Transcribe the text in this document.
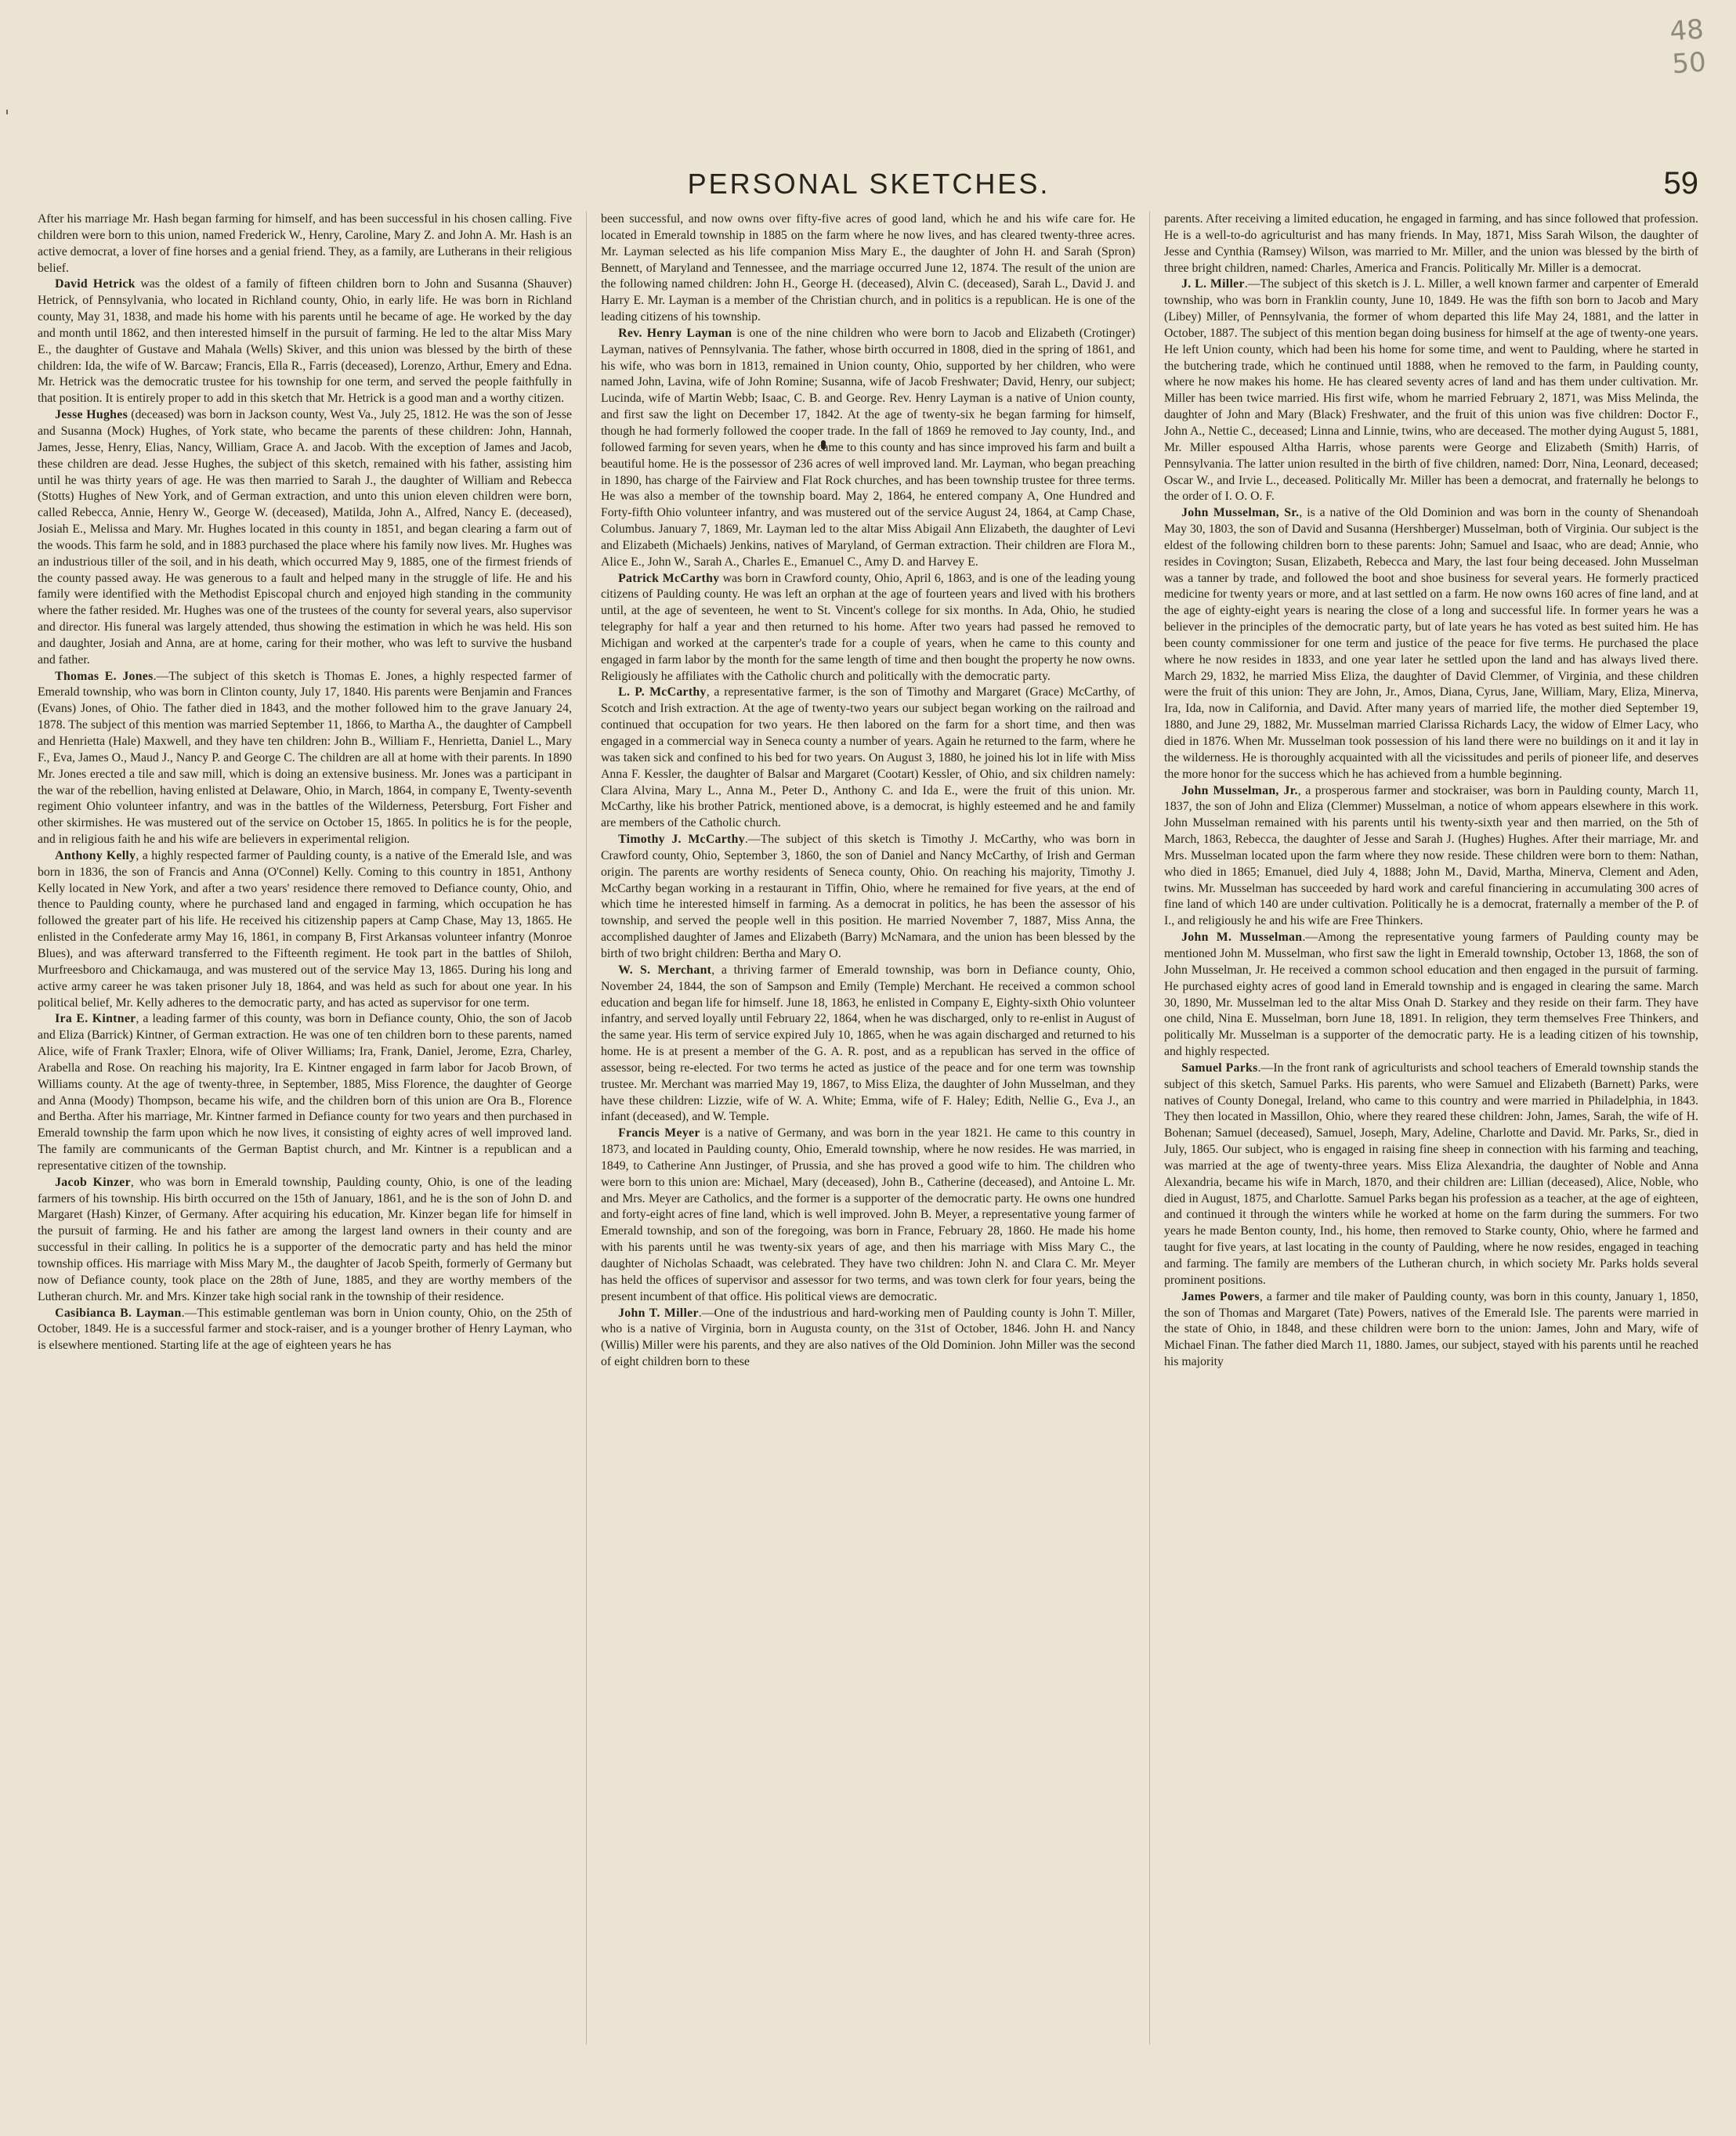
48
50
PERSONAL SKETCHES.	59

After his marriage Mr. Hash began farming for himself, and has been successful in his chosen calling. Five children were born to this union, named Frederick W., Henry, Caroline, Mary Z. and John A. Mr. Hash is an active democrat, a lover of fine horses and a genial friend. They, as a family, are Lutherans in their religious belief.

David Hetrick was the oldest of a family of fifteen children born to John and Susanna (Shauver) Hetrick, of Pennsylvania, who located in Richland county, Ohio, in early life. He was born in Richland county, May 31, 1838, and made his home with his parents until he became of age. He worked by the day and month until 1862, and then interested himself in the pursuit of farming. He led to the altar Miss Mary E., the daughter of Gustave and Mahala (Wells) Skiver, and this union was blessed by the birth of these children: Ida, the wife of W. Barcaw; Francis, Ella R., Farris (deceased), Lorenzo, Arthur, Emery and Edna. Mr. Hetrick was the democratic trustee for his township for one term, and served the people faithfully in that position. It is entirely proper to add in this sketch that Mr. Hetrick is a good man and a worthy citizen.

Jesse Hughes (deceased) was born in Jackson county, West Va., July 25, 1812. He was the son of Jesse and Susanna (Mock) Hughes, of York state, who became the parents of these children: John, Hannah, James, Jesse, Henry, Elias, Nancy, William, Grace A. and Jacob. With the exception of James and Jacob, these children are dead. Jesse Hughes, the subject of this sketch, remained with his father, assisting him until he was thirty years of age. He was then married to Sarah J., the daughter of William and Rebecca (Stotts) Hughes of New York, and of German extraction, and unto this union eleven children were born, called Rebecca, Annie, Henry W., George W. (deceased), Matilda, John A., Alfred, Nancy E. (deceased), Josiah E., Melissa and Mary. Mr. Hughes located in this county in 1851, and began clearing a farm out of the woods. This farm he sold, and in 1883 purchased the place where his family now lives. Mr. Hughes was an industrious tiller of the soil, and in his death, which occurred May 9, 1885, one of the firmest friends of the county passed away. He was generous to a fault and helped many in the struggle of life. He and his family were identified with the Methodist Episcopal church and enjoyed high standing in the community where the father resided. Mr. Hughes was one of the trustees of the county for several years, also supervisor and director. His funeral was largely attended, thus showing the estimation in which he was held. His son and daughter, Josiah and Anna, are at home, caring for their mother, who was left to survive the husband and father.

Thomas E. Jones.—The subject of this sketch is Thomas E. Jones, a highly respected farmer of Emerald township, who was born in Clinton county, July 17, 1840. His parents were Benjamin and Frances (Evans) Jones, of Ohio. The father died in 1843, and the mother followed him to the grave January 24, 1878. The subject of this mention was married September 11, 1866, to Martha A., the daughter of Campbell and Henrietta (Hale) Maxwell, and they have ten children: John B., William F., Henrietta, Daniel L., Mary F., Eva, James O., Maud J., Nancy P. and George C. The children are all at home with their parents. In 1890 Mr. Jones erected a tile and saw mill, which is doing an extensive business. Mr. Jones was a participant in the war of the rebellion, having enlisted at Delaware, Ohio, in March, 1864, in company E, Twenty-seventh regiment Ohio volunteer infantry, and was in the battles of the Wilderness, Petersburg, Fort Fisher and other skirmishes. He was mustered out of the service on October 15, 1865. In politics he is for the people, and in religious faith he and his wife are believers in experimental religion.

Anthony Kelly, a highly respected farmer of Paulding county, is a native of the Emerald Isle, and was born in 1836, the son of Francis and Anna (O'Connel) Kelly. Coming to this country in 1851, Anthony Kelly located in New York, and after a two years' residence there removed to Defiance county, Ohio, and thence to Paulding county, where he purchased land and engaged in farming, which occupation he has followed the greater part of his life. He received his citizenship papers at Camp Chase, May 13, 1865. He enlisted in the Confederate army May 16, 1861, in company B, First Arkansas volunteer infantry (Monroe Blues), and was afterward transferred to the Fifteenth regiment. He took part in the battles of Shiloh, Murfreesboro and Chickamauga, and was mustered out of the service May 13, 1865. During his long and active army career he was taken prisoner July 18, 1864, and was held as such for about one year. In his political belief, Mr. Kelly adheres to the democratic party, and has acted as supervisor for one term.

Ira E. Kintner, a leading farmer of this county, was born in Defiance county, Ohio, the son of Jacob and Eliza (Barrick) Kintner, of German extraction. He was one of ten children born to these parents, named Alice, wife of Frank Traxler; Elnora, wife of Oliver Williams; Ira, Frank, Daniel, Jerome, Ezra, Charley, Arabella and Rose. On reaching his majority, Ira E. Kintner engaged in farm labor for Jacob Brown, of Williams county. At the age of twenty-three, in September, 1885, Miss Florence, the daughter of George and Anna (Moody) Thompson, became his wife, and the children born of this union are Ora B., Florence and Bertha. After his marriage, Mr. Kintner farmed in Defiance county for two years and then purchased in Emerald township the farm upon which he now lives, it consisting of eighty acres of well improved land. The family are communicants of the German Baptist church, and Mr. Kintner is a republican and a representative citizen of the township.

Jacob Kinzer, who was born in Emerald township, Paulding county, Ohio, is one of the leading farmers of his township. His birth occurred on the 15th of January, 1861, and he is the son of John D. and Margaret (Hash) Kinzer, of Germany. After acquiring his education, Mr. Kinzer began life for himself in the pursuit of farming. He and his father are among the largest land owners in their county and are successful in their calling. In politics he is a supporter of the democratic party and has held the minor township offices. His marriage with Miss Mary M., the daughter of Jacob Speith, formerly of Germany but now of Defiance county, took place on the 28th of June, 1885, and they are worthy members of the Lutheran church. Mr. and Mrs. Kinzer take high social rank in the township of their residence.

Casibianca B. Layman.—This estimable gentleman was born in Union county, Ohio, on the 25th of October, 1849. He is a successful farmer and stock-raiser, and is a younger brother of Henry Layman, who is elsewhere mentioned. Starting life at the age of eighteen years he has

been successful, and now owns over fifty-five acres of good land, which he and his wife care for. He located in Emerald township in 1885 on the farm where he now lives, and has cleared twenty-three acres. Mr. Layman selected as his life companion Miss Mary E., the daughter of John H. and Sarah (Spron) Bennett, of Maryland and Tennessee, and the marriage occurred June 12, 1874. The result of the union are the following named children: John H., George H. (deceased), Alvin C. (deceased), Sarah L., David J. and Harry E. Mr. Layman is a member of the Christian church, and in politics is a republican. He is one of the leading citizens of his township.

Rev. Henry Layman is one of the nine children who were born to Jacob and Elizabeth (Crotinger) Layman, natives of Pennsylvania. The father, whose birth occurred in 1808, died in the spring of 1861, and his wife, who was born in 1813, remained in Union county, Ohio, supported by her children, who were named John, Lavina, wife of John Romine; Susanna, wife of Jacob Freshwater; David, Henry, our subject; Lucinda, wife of Martin Webb; Isaac, C. B. and George. Rev. Henry Layman is a native of Union county, and first saw the light on December 17, 1842. At the age of twenty-six he began farming for himself, though he had formerly followed the cooper trade. In the fall of 1869 he removed to Jay county, Ind., and followed farming for seven years, when he came to this county and has since improved his farm and built a beautiful home. He is the possessor of 236 acres of well improved land. Mr. Layman, who began preaching in 1890, has charge of the Fairview and Flat Rock churches, and has been township trustee for three terms. He was also a member of the township board. May 2, 1864, he entered company A, One Hundred and Forty-fifth Ohio volunteer infantry, and was mustered out of the service August 24, 1864, at Camp Chase, Columbus. January 7, 1869, Mr. Layman led to the altar Miss Abigail Ann Elizabeth, the daughter of Levi and Elizabeth (Michaels) Jenkins, natives of Maryland, of German extraction. Their children are Flora M., Alice E., John W., Sarah A., Charles E., Emanuel C., Amy D. and Harvey E.

Patrick McCarthy was born in Crawford county, Ohio, April 6, 1863, and is one of the leading young citizens of Paulding county. He was left an orphan at the age of fourteen years and lived with his brothers until, at the age of seventeen, he went to St. Vincent's college for six months. In Ada, Ohio, he studied telegraphy for half a year and then returned to his home. After two years had passed he removed to Michigan and worked at the carpenter's trade for a couple of years, when he came to this county and engaged in farm labor by the month for the same length of time and then bought the property he now owns. Religiously he affiliates with the Catholic church and politically with the democratic party.

L. P. McCarthy, a representative farmer, is the son of Timothy and Margaret (Grace) McCarthy, of Scotch and Irish extraction. At the age of twenty-two years our subject began working on the railroad and continued that occupation for two years. He then labored on the farm for a short time, and then was engaged in a commercial way in Seneca county a number of years. Again he returned to the farm, where he was taken sick and confined to his bed for two years. On August 3, 1880, he joined his lot in life with Miss Anna F. Kessler, the daughter of Balsar and Margaret (Cootart) Kessler, of Ohio, and six children namely: Clara Alvina, Mary L., Anna M., Peter D., Anthony C. and Ida E., were the fruit of this union. Mr. McCarthy, like his brother Patrick, mentioned above, is a democrat, is highly esteemed and he and family are members of the Catholic church.

Timothy J. McCarthy.—The subject of this sketch is Timothy J. McCarthy, who was born in Crawford county, Ohio, September 3, 1860, the son of Daniel and Nancy McCarthy, of Irish and German origin. The parents are worthy residents of Seneca county, Ohio. On reaching his majority, Timothy J. McCarthy began working in a restaurant in Tiffin, Ohio, where he remained for five years, at the end of which time he interested himself in farming. As a democrat in politics, he has been the assessor of his township, and served the people well in this position. He married November 7, 1887, Miss Anna, the accomplished daughter of James and Elizabeth (Barry) McNamara, and the union has been blessed by the birth of two bright children: Bertha and Mary O.

W. S. Merchant, a thriving farmer of Emerald township, was born in Defiance county, Ohio, November 24, 1844, the son of Sampson and Emily (Temple) Merchant. He received a common school education and began life for himself. June 18, 1863, he enlisted in Company E, Eighty-sixth Ohio volunteer infantry, and served loyally until February 22, 1864, when he was discharged, only to re-enlist in August of the same year. His term of service expired July 10, 1865, when he was again discharged and returned to his home. He is at present a member of the G. A. R. post, and as a republican has served in the office of assessor, being re-elected. For two terms he acted as justice of the peace and for one term was township trustee. Mr. Merchant was married May 19, 1867, to Miss Eliza, the daughter of John Musselman, and they have these children: Lizzie, wife of W. A. White; Emma, wife of F. Haley; Edith, Nellie G., Eva J., an infant (deceased), and W. Temple.

Francis Meyer is a native of Germany, and was born in the year 1821. He came to this country in 1873, and located in Paulding county, Ohio, Emerald township, where he now resides. He was married, in 1849, to Catherine Ann Justinger, of Prussia, and she has proved a good wife to him. The children who were born to this union are: Michael, Mary (deceased), John B., Catherine (deceased), and Antoine L. Mr. and Mrs. Meyer are Catholics, and the former is a supporter of the democratic party. He owns one hundred and forty-eight acres of fine land, which is well improved. John B. Meyer, a representative young farmer of Emerald township, and son of the foregoing, was born in France, February 28, 1860. He made his home with his parents until he was twenty-six years of age, and then his marriage with Miss Mary C., the daughter of Nicholas Schaadt, was celebrated. They have two children: John N. and Clara C. Mr. Meyer has held the offices of supervisor and assessor for two terms, and was town clerk for four years, being the present incumbent of that office. His political views are democratic.

John T. Miller.—One of the industrious and hard-working men of Paulding county is John T. Miller, who is a native of Virginia, born in Augusta county, on the 31st of October, 1846. John H. and Nancy (Willis) Miller were his parents, and they are also natives of the Old Dominion. John Miller was the second of eight children born to these

parents. After receiving a limited education, he engaged in farming, and has since followed that profession. He is a well-to-do agriculturist and has many friends. In May, 1871, Miss Sarah Wilson, the daughter of Jesse and Cynthia (Ramsey) Wilson, was married to Mr. Miller, and the union was blessed by the birth of three bright children, named: Charles, America and Francis. Politically Mr. Miller is a democrat.

J. L. Miller.—The subject of this sketch is J. L. Miller, a well known farmer and carpenter of Emerald township, who was born in Franklin county, June 10, 1849. He was the fifth son born to Jacob and Mary (Libey) Miller, of Pennsylvania, the former of whom departed this life May 24, 1881, and the latter in October, 1887. The subject of this mention began doing business for himself at the age of twenty-one years. He left Union county, which had been his home for some time, and went to Paulding, where he started in the butchering trade, which he continued until 1888, when he removed to the farm, in Paulding county, where he now makes his home. He has cleared seventy acres of land and has them under cultivation. Mr. Miller has been twice married. His first wife, whom he married February 2, 1871, was Miss Melinda, the daughter of John and Mary (Black) Freshwater, and the fruit of this union was five children: Doctor F., John A., Nettie C., deceased; Linna and Linnie, twins, who are deceased. The mother dying August 5, 1881, Mr. Miller espoused Altha Harris, whose parents were George and Elizabeth (Smith) Harris, of Pennsylvania. The latter union resulted in the birth of five children, named: Dorr, Nina, Leonard, deceased; Oscar W., and Irvie L., deceased. Politically Mr. Miller has been a democrat, and fraternally he belongs to the order of I. O. O. F.

John Musselman, Sr., is a native of the Old Dominion and was born in the county of Shenandoah May 30, 1803, the son of David and Susanna (Hershberger) Musselman, both of Virginia. Our subject is the eldest of the following children born to these parents: John; Samuel and Isaac, who are dead; Annie, who resides in Covington; Susan, Elizabeth, Rebecca and Mary, the last four being deceased. John Musselman was a tanner by trade, and followed the boot and shoe business for several years. He formerly practiced medicine for twenty years or more, and at last settled on a farm. He now owns 160 acres of fine land, and at the age of eighty-eight years is nearing the close of a long and successful life. In former years he was a believer in the principles of the democratic party, but of late years he has voted as best suited him. He has been county commissioner for one term and justice of the peace for five terms. He purchased the place where he now resides in 1833, and one year later he settled upon the land and has always lived there. March 29, 1832, he married Miss Eliza, the daughter of David Clemmer, of Virginia, and these children were the fruit of this union: They are John, Jr., Amos, Diana, Cyrus, Jane, William, Mary, Eliza, Minerva, Ira, Ida, now in California, and David. After many years of married life, the mother died September 19, 1880, and June 29, 1882, Mr. Musselman married Clarissa Richards Lacy, the widow of Elmer Lacy, who died in 1876. When Mr. Musselman took possession of his land there were no buildings on it and it lay in the wilderness. He is thoroughly acquainted with all the vicissitudes and perils of pioneer life, and deserves the more honor for the success which he has achieved from a humble beginning.

John Musselman, Jr., a prosperous farmer and stockraiser, was born in Paulding county, March 11, 1837, the son of John and Eliza (Clemmer) Musselman, a notice of whom appears elsewhere in this work. John Musselman remained with his parents until his twenty-sixth year and then married, on the 5th of March, 1863, Rebecca, the daughter of Jesse and Sarah J. (Hughes) Hughes. After their marriage, Mr. and Mrs. Musselman located upon the farm where they now reside. These children were born to them: Nathan, who died in 1865; Emanuel, died July 4, 1888; John M., David, Martha, Minerva, Clement and Aden, twins. Mr. Musselman has succeeded by hard work and careful financiering in accumulating 300 acres of fine land of which 140 are under cultivation. Politically he is a democrat, fraternally a member of the P. of I., and religiously he and his wife are Free Thinkers.

John M. Musselman.—Among the representative young farmers of Paulding county may be mentioned John M. Musselman, who first saw the light in Emerald township, October 13, 1868, the son of John Musselman, Jr. He received a common school education and then engaged in the pursuit of farming. He purchased eighty acres of good land in Emerald township and is engaged in clearing the same. March 30, 1890, Mr. Musselman led to the altar Miss Onah D. Starkey and they reside on their farm. They have one child, Nina E. Musselman, born June 18, 1891. In religion, they term themselves Free Thinkers, and politically Mr. Musselman is a supporter of the democratic party. He is a leading citizen of his township, and highly respected.

Samuel Parks.—In the front rank of agriculturists and school teachers of Emerald township stands the subject of this sketch, Samuel Parks. His parents, who were Samuel and Elizabeth (Barnett) Parks, were natives of County Donegal, Ireland, who came to this country and were married in Philadelphia, in 1843. They then located in Massillon, Ohio, where they reared these children: John, James, Sarah, the wife of H. Bohenan; Samuel (deceased), Samuel, Joseph, Mary, Adeline, Charlotte and David. Mr. Parks, Sr., died in July, 1865. Our subject, who is engaged in raising fine sheep in connection with his farming and teaching, was married at the age of twenty-three years. Miss Eliza Alexandria, the daughter of Noble and Anna Alexandria, became his wife in March, 1870, and their children are: Lillian (deceased), Alice, Noble, who died in August, 1875, and Charlotte. Samuel Parks began his profession as a teacher, at the age of eighteen, and continued it through the winters while he worked at home on the farm during the summers. For two years he made Benton county, Ind., his home, then removed to Starke county, Ohio, where he farmed and taught for five years, at last locating in the county of Paulding, where he now resides, engaged in teaching and farming. The family are members of the Lutheran church, in which society Mr. Parks holds several prominent positions.

James Powers, a farmer and tile maker of Paulding county, was born in this county, January 1, 1850, the son of Thomas and Margaret (Tate) Powers, natives of the Emerald Isle. The parents were married in the state of Ohio, in 1848, and these children were born to the union: James, John and Mary, wife of Michael Finan. The father died March 11, 1880. James, our subject, stayed with his parents until he reached his majority
